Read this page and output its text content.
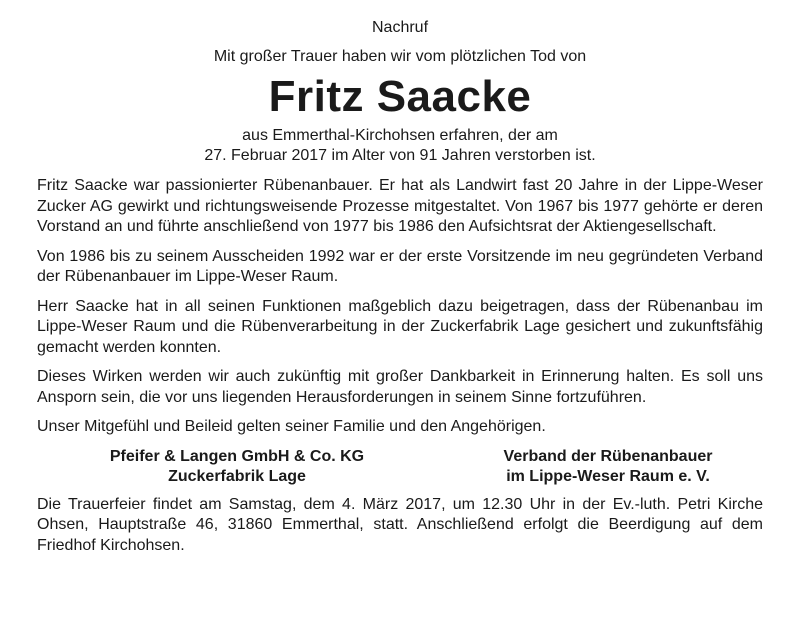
Nachruf
Mit großer Trauer haben wir vom plötzlichen Tod von
Fritz Saacke
aus Emmerthal-Kirchohsen erfahren, der am
27. Februar 2017 im Alter von 91 Jahren verstorben ist.

Fritz Saacke war passionierter Rübenanbauer. Er hat als Landwirt fast 20 Jahre in der Lippe-Weser Zucker AG gewirkt und richtungsweisende Prozesse mitgestaltet. Von 1967 bis 1977 gehörte er deren Vorstand an und führte anschließend von 1977 bis 1986 den Aufsichtsrat der Aktiengesellschaft.

Von 1986 bis zu seinem Ausscheiden 1992 war er der erste Vorsitzende im neu gegründeten Verband der Rübenanbauer im Lippe-Weser Raum.

Herr Saacke hat in all seinen Funktionen maßgeblich dazu beigetragen, dass der Rübenanbau im Lippe-Weser Raum und die Rübenverarbeitung in der Zuckerfabrik Lage gesichert und zukunftsfähig gemacht werden konnten.

Dieses Wirken werden wir auch zukünftig mit großer Dankbarkeit in Erinnerung halten. Es soll uns Ansporn sein, die vor uns liegenden Herausforderungen in seinem Sinne fortzuführen.

Unser Mitgefühl und Beileid gelten seiner Familie und den Angehörigen.

Pfeifer & Langen GmbH & Co. KG
Zuckerfabrik Lage
Verband der Rübenanbauer
im Lippe-Weser Raum e. V.

Die Trauerfeier findet am Samstag, dem 4. März 2017, um 12.30 Uhr in der Ev.-luth. Petri Kirche Ohsen, Hauptstraße 46, 31860 Emmerthal, statt. Anschließend erfolgt die Beerdigung auf dem Friedhof Kirchohsen.
